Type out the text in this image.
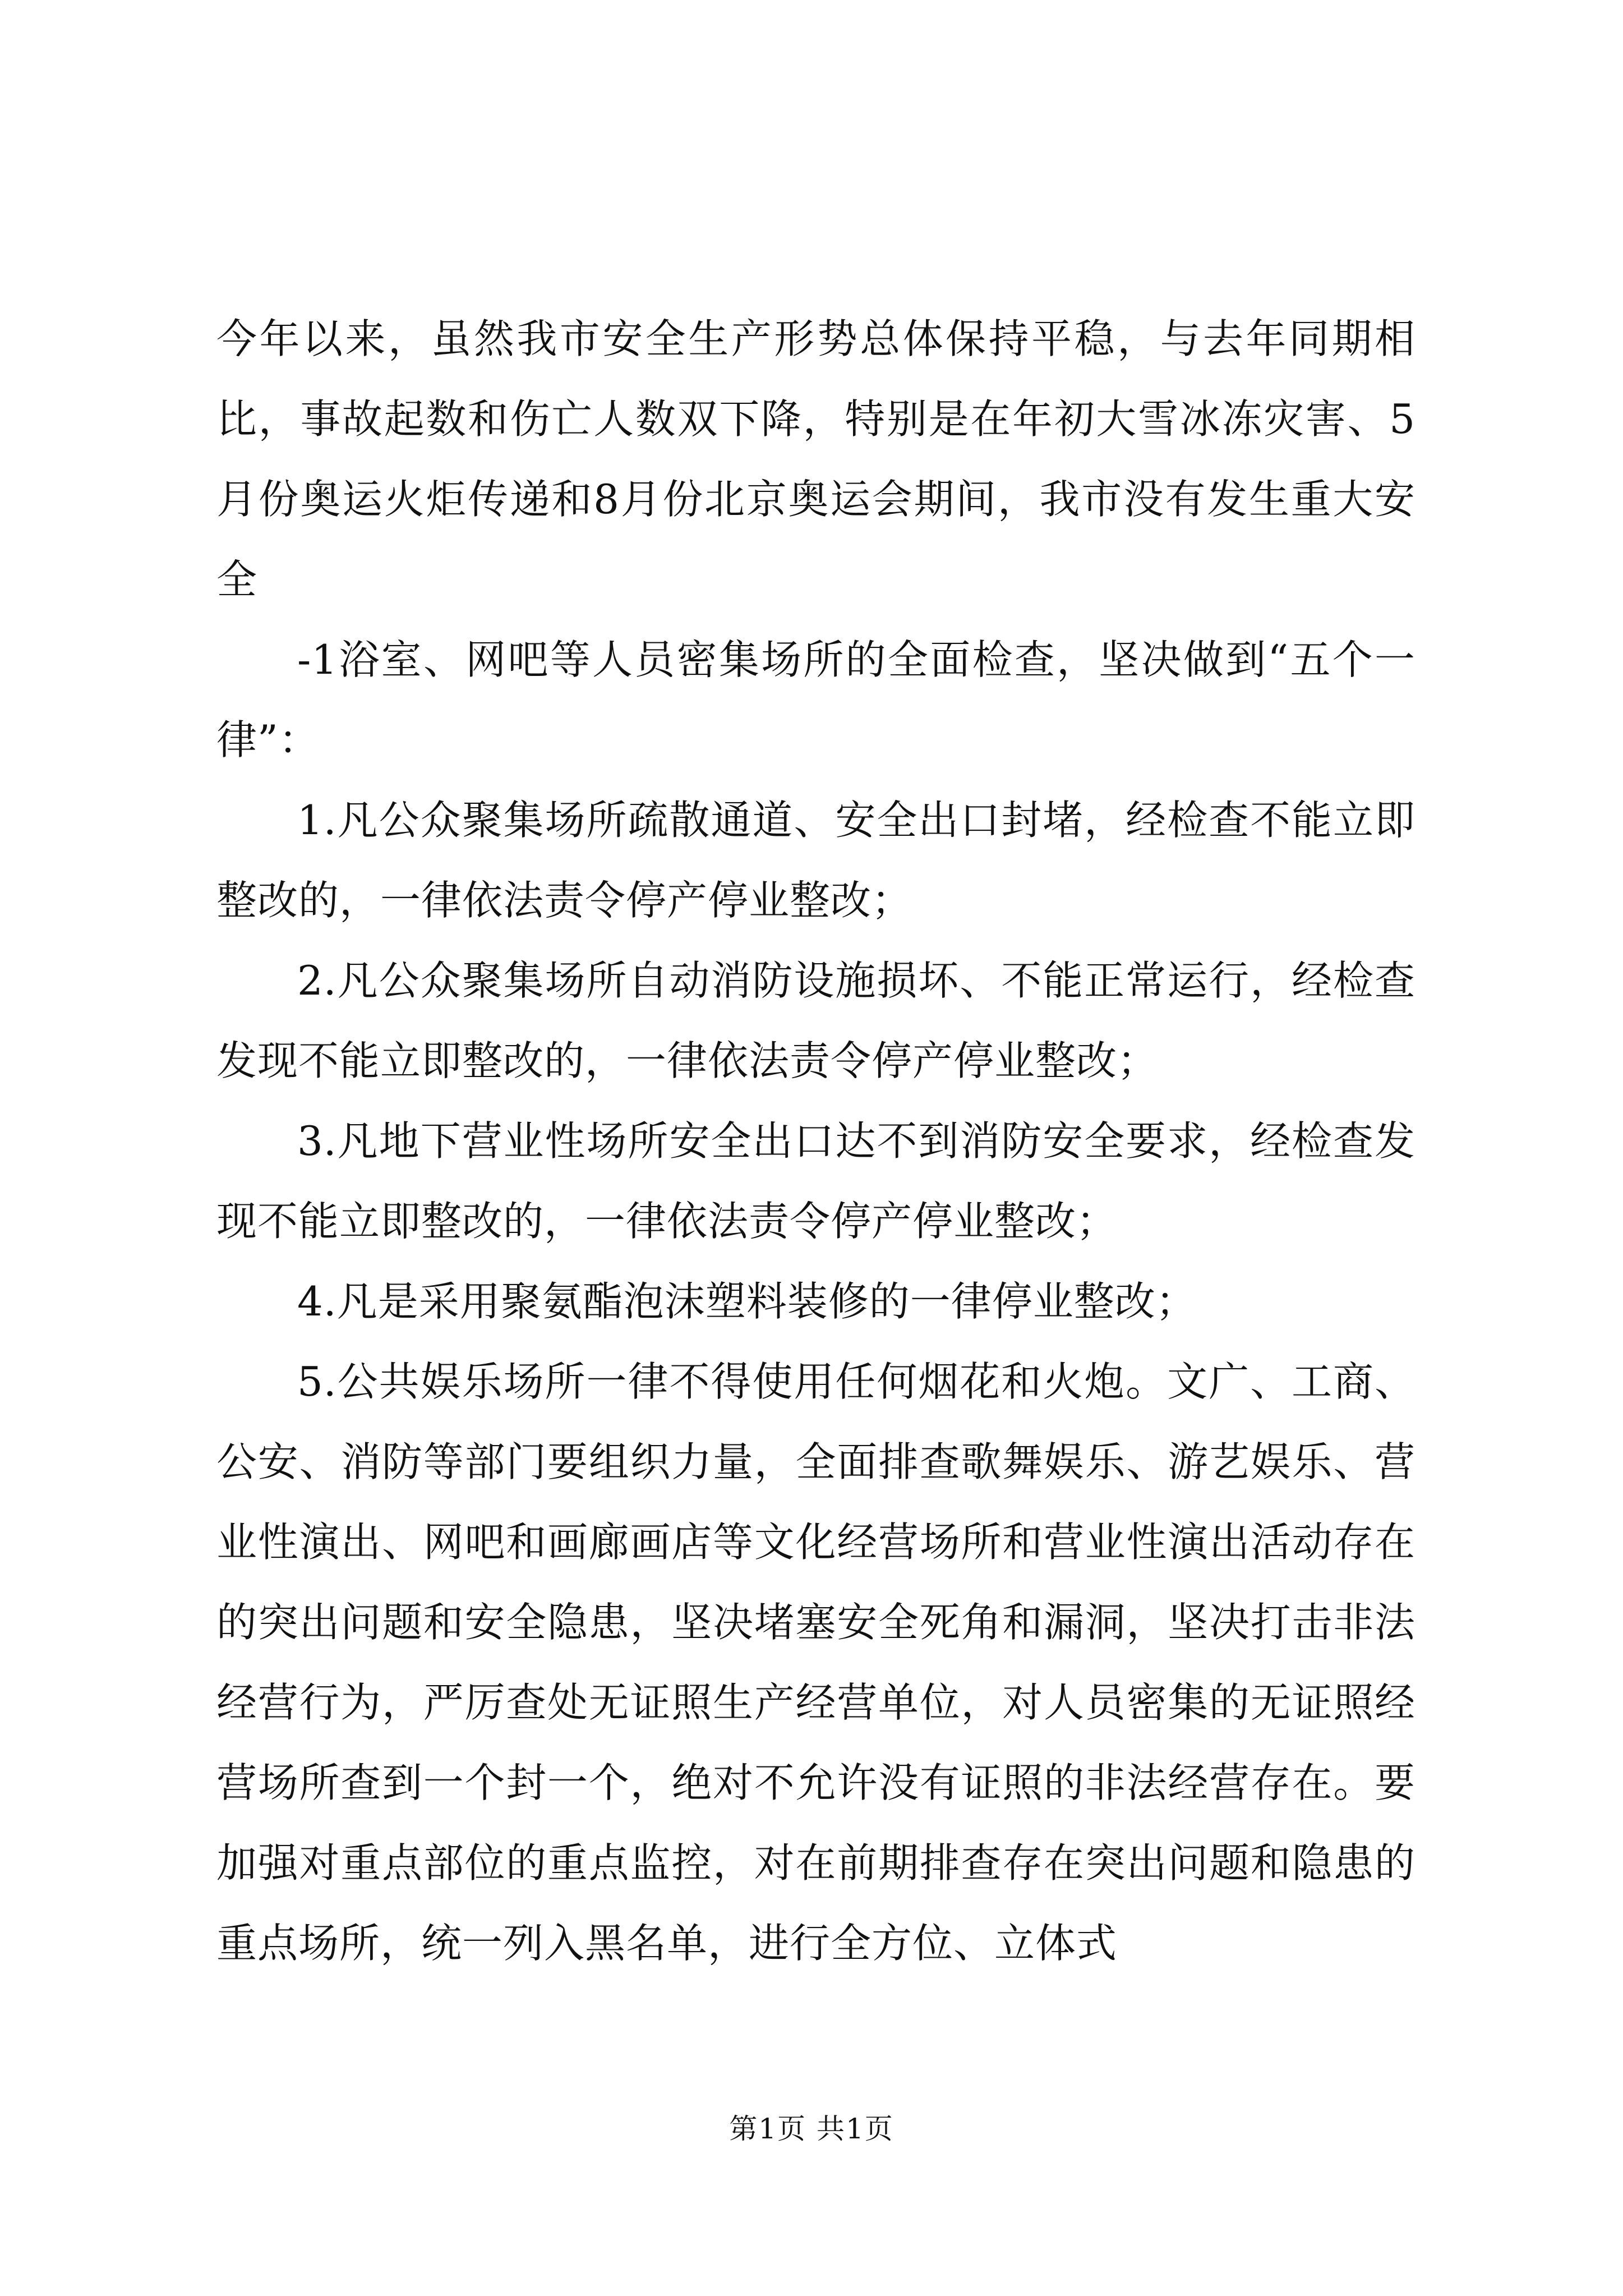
今年以来，虽然我市安全生产形势总体保持平稳，与去年同期相比，事故起数和伤亡人数双下降，特别是在年初大雪冰冻灾害、5月份奥运火炬传递和8月份北京奥运会期间，我市没有发生重大安全

-1浴室、网吧等人员密集场所的全面检查，坚决做到“五个一律”：

1.凡公众聚集场所疏散通道、安全出口封堵，经检查不能立即整改的，一律依法责令停产停业整改；

2.凡公众聚集场所自动消防设施损坏、不能正常运行，经检查发现不能立即整改的，一律依法责令停产停业整改；

3.凡地下营业性场所安全出口达不到消防安全要求，经检查发现不能立即整改的，一律依法责令停产停业整改；

4.凡是采用聚氨酯泡沫塑料装修的一律停业整改；

5.公共娱乐场所一律不得使用任何烟花和火炮。文广、工商、公安、消防等部门要组织力量，全面排查歌舞娱乐、游艺娱乐、营业性演出、网吧和画廊画店等文化经营场所和营业性演出活动存在的突出问题和安全隐患，坚决堵塞安全死角和漏洞，坚决打击非法经营行为，严厉查处无证照生产经营单位，对人员密集的无证照经营场所查到一个封一个，绝对不允许没有证照的非法经营存在。要加强对重点部位的重点监控，对在前期排查存在突出问题和隐患的重点场所，统一列入黑名单，进行全方位、立体式

第1页 共1页
